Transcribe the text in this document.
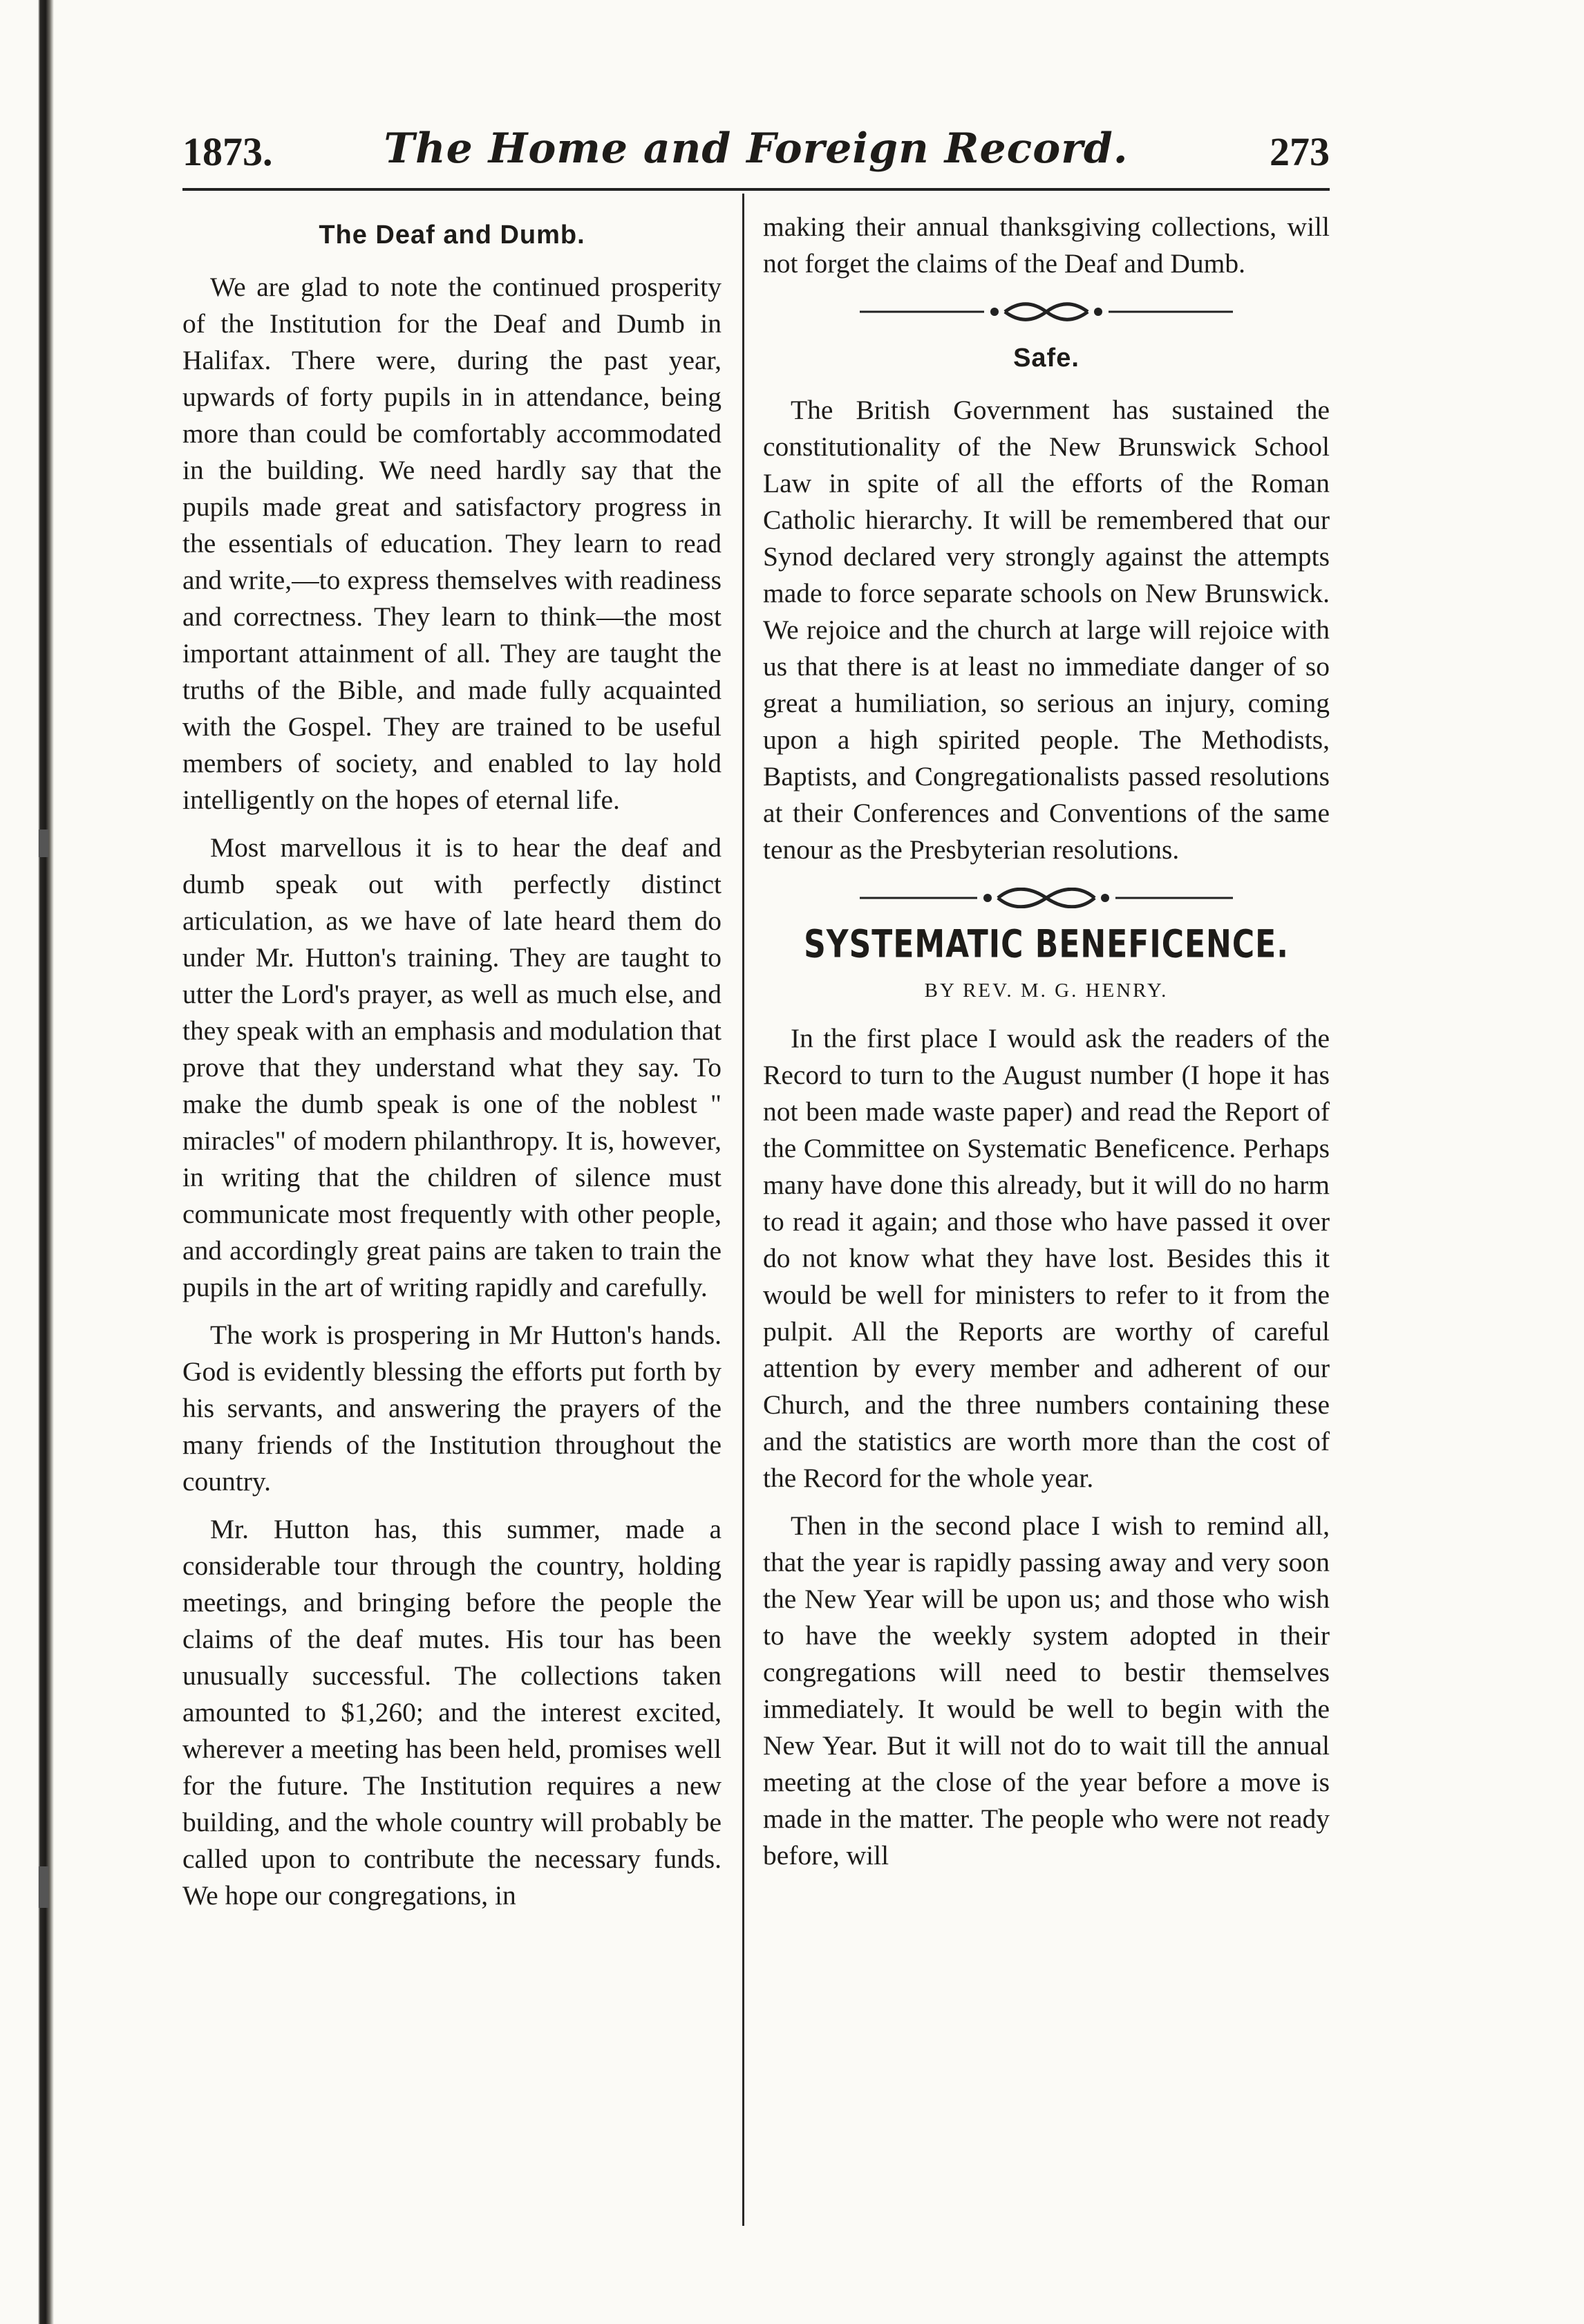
1873.	The Home and Foreign Record.	273
The Deaf and Dumb.

We are glad to note the continued prosperity of the Institution for the Deaf and Dumb in Halifax. There were, during the past year, upwards of forty pupils in in attendance, being more than could be comfortably accommodated in the building. We need hardly say that the pupils made great and satisfactory progress in the essentials of education. They learn to read and write,—to express themselves with readiness and correctness. They learn to think—the most important attainment of all. They are taught the truths of the Bible, and made fully acquainted with the Gospel. They are trained to be useful members of society, and enabled to lay hold intelligently on the hopes of eternal life.

Most marvellous it is to hear the deaf and dumb speak out with perfectly distinct articulation, as we have of late heard them do under Mr. Hutton's training. They are taught to utter the Lord's prayer, as well as much else, and they speak with an emphasis and modulation that prove that they understand what they say. To make the dumb speak is one of the noblest " miracles" of modern philanthropy. It is, however, in writing that the children of silence must communicate most frequently with other people, and accordingly great pains are taken to train the pupils in the art of writing rapidly and carefully.

The work is prospering in Mr Hutton's hands. God is evidently blessing the efforts put forth by his servants, and answering the prayers of the many friends of the Institution throughout the country.

Mr. Hutton has, this summer, made a considerable tour through the country, holding meetings, and bringing before the people the claims of the deaf mutes. His tour has been unusually successful. The collections taken amounted to $1,260; and the interest excited, wherever a meeting has been held, promises well for the future. The Institution requires a new building, and the whole country will probably be called upon to contribute the necessary funds. We hope our congregations, in

making their annual thanksgiving collections, will not forget the claims of the Deaf and Dumb.

Safe.

The British Government has sustained the constitutionality of the New Brunswick School Law in spite of all the efforts of the Roman Catholic hierarchy. It will be remembered that our Synod declared very strongly against the attempts made to force separate schools on New Brunswick. We rejoice and the church at large will rejoice with us that there is at least no immediate danger of so great a humiliation, so serious an injury, coming upon a high spirited people. The Methodists, Baptists, and Congregationalists passed resolutions at their Conferences and Conventions of the same tenour as the Presbyterian resolutions.

SYSTEMATIC BENEFICENCE.
BY REV. M. G. HENRY.

In the first place I would ask the readers of the Record to turn to the August number (I hope it has not been made waste paper) and read the Report of the Committee on Systematic Beneficence. Perhaps many have done this already, but it will do no harm to read it again; and those who have passed it over do not know what they have lost. Besides this it would be well for ministers to refer to it from the pulpit. All the Reports are worthy of careful attention by every member and adherent of our Church, and the three numbers containing these and the statistics are worth more than the cost of the Record for the whole year.

Then in the second place I wish to remind all, that the year is rapidly passing away and very soon the New Year will be upon us; and those who wish to have the weekly system adopted in their congregations will need to bestir themselves immediately. It would be well to begin with the New Year. But it will not do to wait till the annual meeting at the close of the year before a move is made in the matter. The people who were not ready before, will
